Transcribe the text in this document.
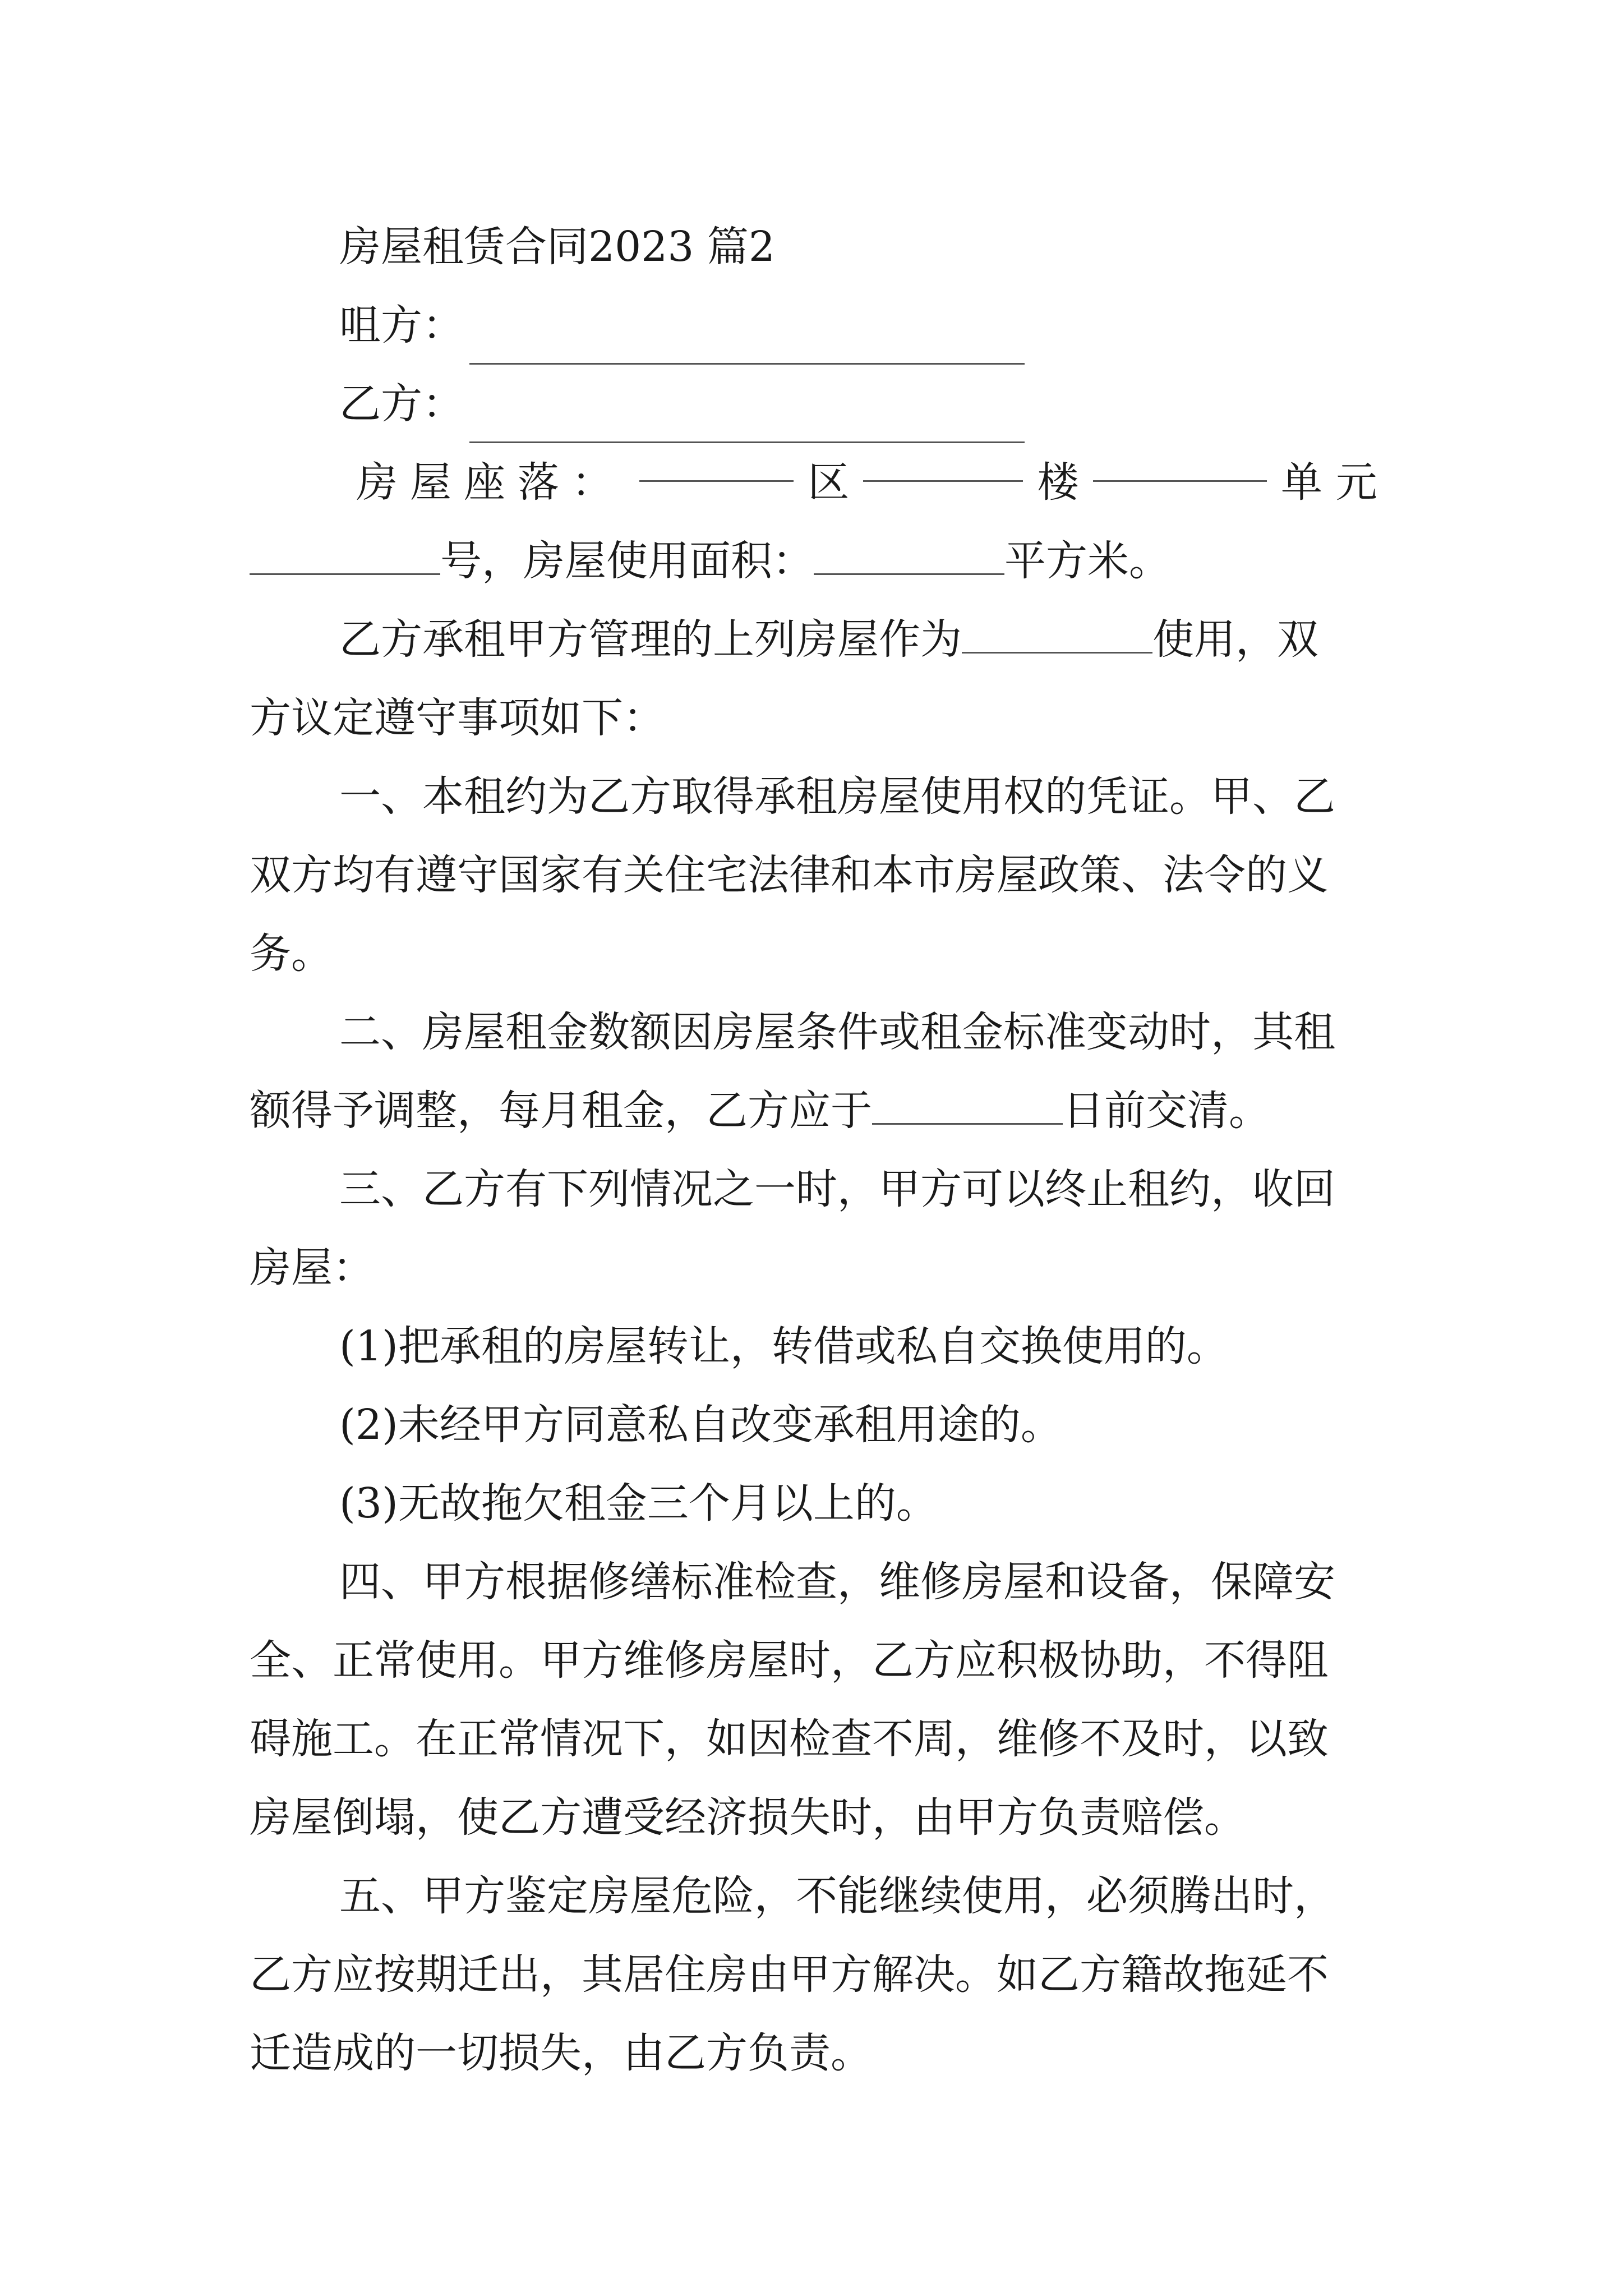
房屋租赁合同2023 篇2
咀方：
乙方：
房屋座落：	区	楼	单元
号，房屋使用面积：	平方米。
乙方承租甲方管理的上列房屋作为	使用，双
方议定遵守事项如下：
一、本租约为乙方取得承租房屋使用权的凭证。甲、乙
双方均有遵守国家有关住宅法律和本市房屋政策、法令的义
务。
二、房屋租金数额因房屋条件或租金标准变动时，其租
额得予调整，每月租金，乙方应于	日前交清。
三、乙方有下列情况之一时，甲方可以终止租约，收回
房屋：
(1)把承租的房屋转让，转借或私自交换使用的。
(2)未经甲方同意私自改变承租用途的。
(3)无故拖欠租金三个月以上的。
四、甲方根据修缮标准检查，维修房屋和设备，保障安
全、正常使用。甲方维修房屋时，乙方应积极协助，不得阻
碍施工。在正常情况下，如因检查不周，维修不及时，以致
房屋倒塌，使乙方遭受经济损失时，由甲方负责赔偿。
五、甲方鉴定房屋危险，不能继续使用，必须腾出时，
乙方应按期迁出，其居住房由甲方解决。如乙方籍故拖延不
迁造成的一切损失，由乙方负责。
